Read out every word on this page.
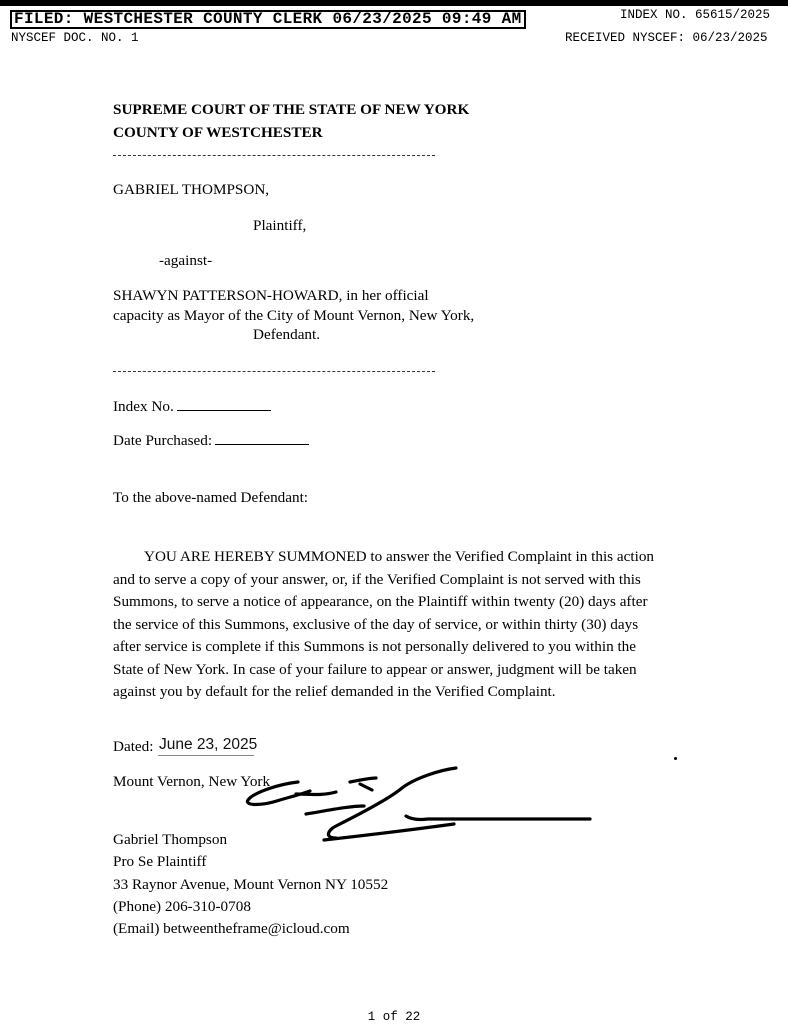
FILED: WESTCHESTER COUNTY CLERK 06/23/2025 09:49 AM	INDEX NO. 65615/2025
NYSCEF DOC. NO. 1	RECEIVED NYSCEF: 06/23/2025
SUPREME COURT OF THE STATE OF NEW YORK
COUNTY OF WESTCHESTER
GABRIEL THOMPSON,
Plaintiff,
-against-
SHAWYN PATTERSON-HOWARD, in her official
capacity as Mayor of the City of Mount Vernon, New York,
Defendant.
Index No.
Date Purchased:
To the above-named Defendant:
YOU ARE HEREBY SUMMONED to answer the Verified Complaint in this action
and to serve a copy of your answer, or, if the Verified Complaint is not served with this
Summons, to serve a notice of appearance, on the Plaintiff within twenty (20) days after
the service of this Summons, exclusive of the day of service, or within thirty (30) days
after service is complete if this Summons is not personally delivered to you within the
State of New York. In case of your failure to appear or answer, judgment will be taken
against you by default for the relief demanded in the Verified Complaint.
Dated: June 23, 2025
Mount Vernon, New York
Gabriel Thompson
Pro Se Plaintiff
33 Raynor Avenue, Mount Vernon NY 10552
(Phone) 206-310-0708
(Email) betweentheframe@icloud.com
1 of 22
